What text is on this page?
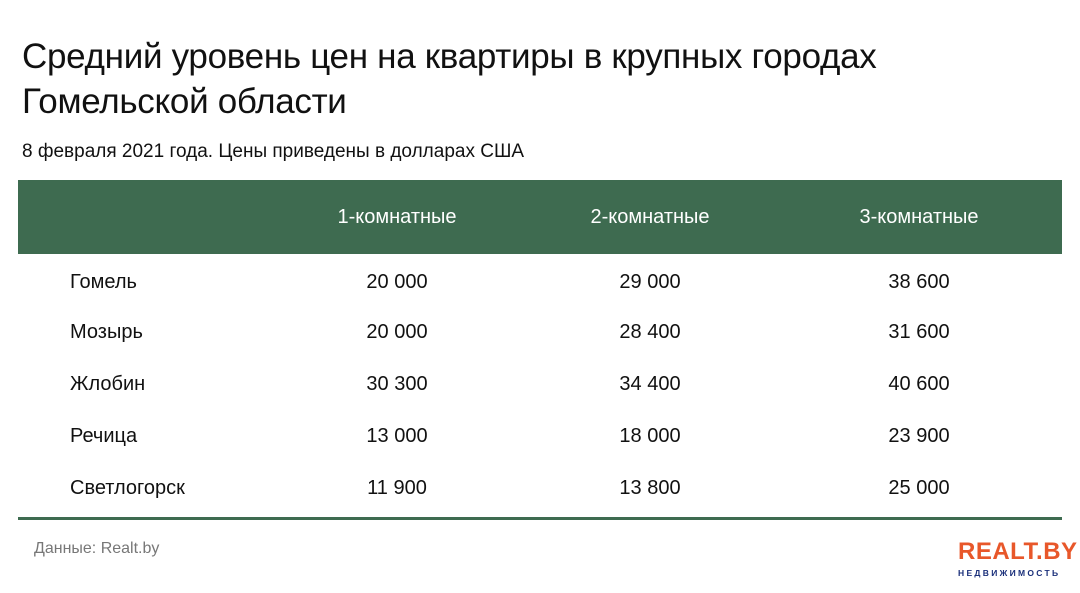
Средний уровень цен на квартиры в крупных городах Гомельской области

8 февраля 2021 года. Цены приведены в долларах США

	1-комнатные	2-комнатные	3-комнатные
Гомель	20 000	29 000	38 600
Мозырь	20 000	28 400	31 600
Жлобин	30 300	34 400	40 600
Речица	13 000	18 000	23 900
Светлогорск	11 900	13 800	25 000
Данные: Realt.by	REALT.BY
НЕДВИЖИМОСТЬ
